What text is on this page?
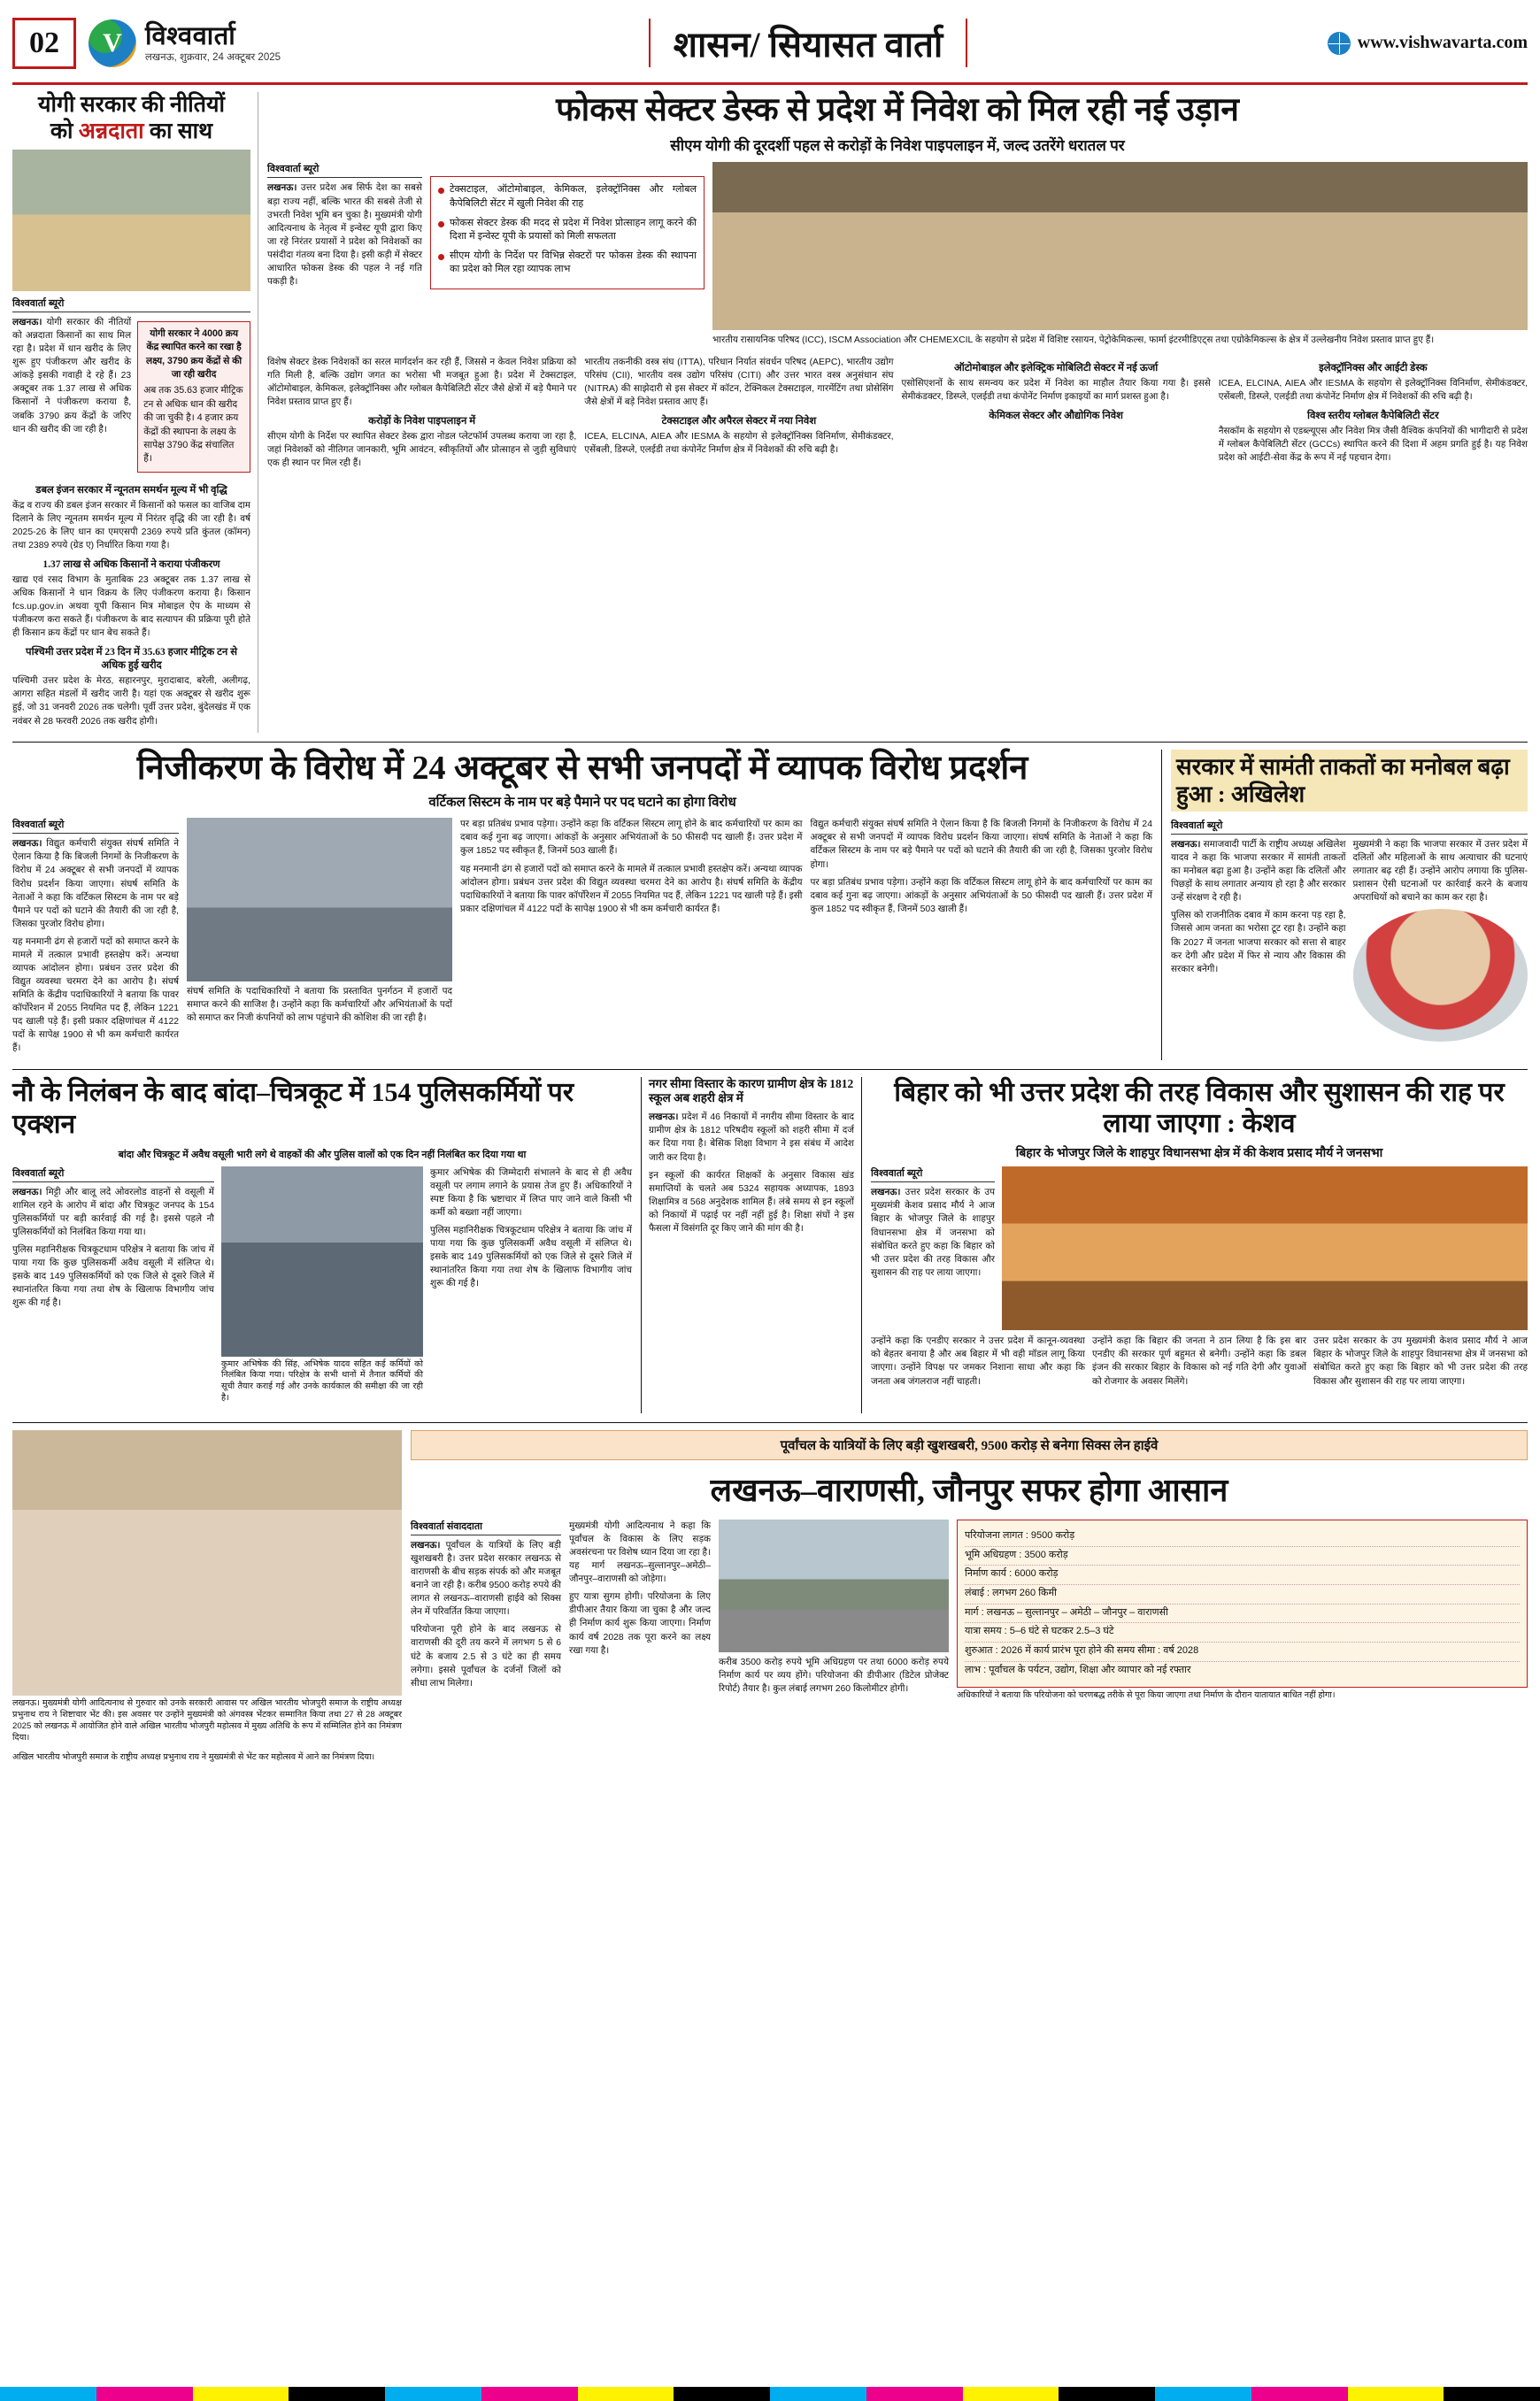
02 V	विश्ववार्ता
लखनऊ, शुक्रवार, 24 अक्टूबर 2025	शासन/ सियासत वार्ता	www.vishwavarta.com
योगी सरकार की नीतियों
को अन्नदाता का साथ
विश्ववार्ता ब्यूरो

लखनऊ। योगी सरकार की नीतियों को अन्नदाता किसानों का साथ मिल रहा है। प्रदेश में धान खरीद के लिए शुरू हुए पंजीकरण और खरीद के आंकड़े इसकी गवाही दे रहे हैं। 23 अक्टूबर तक 1.37 लाख से अधिक किसानों ने पंजीकरण कराया है, जबकि 3790 क्रय केंद्रों के जरिए धान की खरीद की जा रही है।

योगी सरकार ने 4000 क्रय केंद्र स्थापित करने का रखा है लक्ष्य, 3790 क्रय केंद्रों से की जा रही खरीद
अब तक 35.63 हजार मीट्रिक टन से अधिक धान की खरीद की जा चुकी है। 4 हजार क्रय केंद्रों की स्थापना के लक्ष्य के सापेक्ष 3790 केंद्र संचालित हैं।
डबल इंजन सरकार में न्यूनतम समर्थन मूल्य में भी वृद्धि

केंद्र व राज्य की डबल इंजन सरकार में किसानों को फसल का वाजिब दाम दिलाने के लिए न्यूनतम समर्थन मूल्य में निरंतर वृद्धि की जा रही है। वर्ष 2025-26 के लिए धान का एमएसपी 2369 रुपये प्रति कुंतल (कॉमन) तथा 2389 रुपये (ग्रेड ए) निर्धारित किया गया है।

1.37 लाख से अधिक किसानों ने कराया पंजीकरण

खाद्य एवं रसद विभाग के मुताबिक 23 अक्टूबर तक 1.37 लाख से अधिक किसानों ने धान विक्रय के लिए पंजीकरण कराया है। किसान fcs.up.gov.in अथवा यूपी किसान मित्र मोबाइल ऐप के माध्यम से पंजीकरण करा सकते हैं। पंजीकरण के बाद सत्यापन की प्रक्रिया पूरी होते ही किसान क्रय केंद्रों पर धान बेच सकते हैं।

पश्चिमी उत्तर प्रदेश में 23 दिन में 35.63 हजार मीट्रिक टन से अधिक हुई खरीद

पश्चिमी उत्तर प्रदेश के मेरठ, सहारनपुर, मुरादाबाद, बरेली, अलीगढ़, आगरा सहित मंडलों में खरीद जारी है। यहां एक अक्टूबर से खरीद शुरू हुई, जो 31 जनवरी 2026 तक चलेगी। पूर्वी उत्तर प्रदेश, बुंदेलखंड में एक नवंबर से 28 फरवरी 2026 तक खरीद होगी।

फोकस सेक्टर डेस्क से प्रदेश में निवेश को मिल रही नई उड़ान
सीएम योगी की दूरदर्शी पहल से करोड़ों के निवेश पाइपलाइन में, जल्द उतरेंगे धरातल पर
विश्ववार्ता ब्यूरो

लखनऊ। उत्तर प्रदेश अब सिर्फ देश का सबसे बड़ा राज्य नहीं, बल्कि भारत की सबसे तेजी से उभरती निवेश भूमि बन चुका है। मुख्यमंत्री योगी आदित्यनाथ के नेतृत्व में इन्वेस्ट यूपी द्वारा किए जा रहे निरंतर प्रयासों ने प्रदेश को निवेशकों का पसंदीदा गंतव्य बना दिया है। इसी कड़ी में सेक्टर आधारित फोकस डेस्क की पहल ने नई गति पकड़ी है।

टेक्सटाइल, ऑटोमोबाइल, केमिकल, इलेक्ट्रॉनिक्स और ग्लोबल कैपेबिलिटी सेंटर में खुली निवेश की राह
फोकस सेक्टर डेस्क की मदद से प्रदेश में निवेश प्रोत्साहन लागू करने की दिशा में इन्वेस्ट यूपी के प्रयासों को मिली सफलता
सीएम योगी के निर्देश पर विभिन्न सेक्टरों पर फोकस डेस्क की स्थापना का प्रदेश को मिल रहा व्यापक लाभ

भारतीय रासायनिक परिषद (ICC), ISCM Association और CHEMEXCIL के सहयोग से प्रदेश में विशिष्ट रसायन, पेट्रोकेमिकल्स, फार्मा इंटरमीडिएट्स तथा एग्रोकेमिकल्स के क्षेत्र में उल्लेखनीय निवेश प्रस्ताव प्राप्त हुए हैं।

विशेष सेक्टर डेस्क निवेशकों का सरल मार्गदर्शन कर रही हैं, जिससे न केवल निवेश प्रक्रिया को गति मिली है, बल्कि उद्योग जगत का भरोसा भी मजबूत हुआ है। प्रदेश में टेक्सटाइल, ऑटोमोबाइल, केमिकल, इलेक्ट्रॉनिक्स और ग्लोबल कैपेबिलिटी सेंटर जैसे क्षेत्रों में बड़े पैमाने पर निवेश प्रस्ताव प्राप्त हुए हैं।

करोड़ों के निवेश पाइपलाइन में

सीएम योगी के निर्देश पर स्थापित सेक्टर डेस्क द्वारा नोडल प्लेटफॉर्म उपलब्ध कराया जा रहा है, जहां निवेशकों को नीतिगत जानकारी, भूमि आवंटन, स्वीकृतियों और प्रोत्साहन से जुड़ी सुविधाएं एक ही स्थान पर मिल रही हैं।

भारतीय तकनीकी वस्त्र संघ (ITTA), परिधान निर्यात संवर्धन परिषद (AEPC), भारतीय उद्योग परिसंघ (CII), भारतीय वस्त्र उद्योग परिसंघ (CITI) और उत्तर भारत वस्त्र अनुसंधान संघ (NITRA) की साझेदारी से इस सेक्टर में कॉटन, टेक्निकल टेक्सटाइल, गारमेंटिंग तथा प्रोसेसिंग जैसे क्षेत्रों में बड़े निवेश प्रस्ताव आए हैं।

टेक्सटाइल और अपैरल सेक्टर में नया निवेश

ICEA, ELCINA, AIEA और IESMA के सहयोग से इलेक्ट्रॉनिक्स विनिर्माण, सेमीकंडक्टर, एसेंबली, डिस्प्ले, एलईडी तथा कंपोनेंट निर्माण क्षेत्र में निवेशकों की रुचि बढ़ी है।

ऑटोमोबाइल और इलेक्ट्रिक मोबिलिटी सेक्टर में नई ऊर्जा

एसोसिएशनों के साथ समन्वय कर प्रदेश में निवेश का माहौल तैयार किया गया है। इससे सेमीकंडक्टर, डिस्प्ले, एलईडी तथा कंपोनेंट निर्माण इकाइयों का मार्ग प्रशस्त हुआ है।

केमिकल सेक्टर और औद्योगिक निवेश
इलेक्ट्रॉनिक्स और आईटी डेस्क

ICEA, ELCINA, AIEA और IESMA के सहयोग से इलेक्ट्रॉनिक्स विनिर्माण, सेमीकंडक्टर, एसेंबली, डिस्प्ले, एलईडी तथा कंपोनेंट निर्माण क्षेत्र में निवेशकों की रुचि बढ़ी है।

विश्व स्तरीय ग्लोबल कैपेबिलिटी सेंटर

नैसकॉम के सहयोग से एडब्ल्यूएस और निवेश मित्र जैसी वैश्विक कंपनियों की भागीदारी से प्रदेश में ग्लोबल कैपेबिलिटी सेंटर (GCCs) स्थापित करने की दिशा में अहम प्रगति हुई है। यह निवेश प्रदेश को आईटी-सेवा केंद्र के रूप में नई पहचान देगा।

निजीकरण के विरोध में 24 अक्टूबर से सभी जनपदों में व्यापक विरोध प्रदर्शन
वर्टिकल सिस्टम के नाम पर बड़े पैमाने पर पद घटाने का होगा विरोध
विश्ववार्ता ब्यूरो

लखनऊ। विद्युत कर्मचारी संयुक्त संघर्ष समिति ने ऐलान किया है कि बिजली निगमों के निजीकरण के विरोध में 24 अक्टूबर से सभी जनपदों में व्यापक विरोध प्रदर्शन किया जाएगा। संघर्ष समिति के नेताओं ने कहा कि वर्टिकल सिस्टम के नाम पर बड़े पैमाने पर पदों को घटाने की तैयारी की जा रही है, जिसका पुरजोर विरोध होगा।

यह मनमानी ढंग से हजारों पदों को समाप्त करने के मामले में तत्काल प्रभावी हस्तक्षेप करें। अन्यथा व्यापक आंदोलन होगा। प्रबंधन उत्तर प्रदेश की विद्युत व्यवस्था चरमरा देने का आरोप है। संघर्ष समिति के केंद्रीय पदाधिकारियों ने बताया कि पावर कॉर्पोरेशन में 2055 नियमित पद हैं, लेकिन 1221 पद खाली पड़े हैं। इसी प्रकार दक्षिणांचल में 4122 पदों के सापेक्ष 1900 से भी कम कर्मचारी कार्यरत हैं।

संघर्ष समिति के पदाधिकारियों ने बताया कि प्रस्तावित पुनर्गठन में हजारों पद समाप्त करने की साजिश है। उन्होंने कहा कि कर्मचारियों और अभियंताओं के पदों को समाप्त कर निजी कंपनियों को लाभ पहुंचाने की कोशिश की जा रही है।

पर बड़ा प्रतिबंध प्रभाव पड़ेगा। उन्होंने कहा कि वर्टिकल सिस्टम लागू होने के बाद कर्मचारियों पर काम का दबाव कई गुना बढ़ जाएगा। आंकड़ों के अनुसार अभियंताओं के 50 फीसदी पद खाली हैं। उत्तर प्रदेश में कुल 1852 पद स्वीकृत हैं, जिनमें 503 खाली हैं।

यह मनमानी ढंग से हजारों पदों को समाप्त करने के मामले में तत्काल प्रभावी हस्तक्षेप करें। अन्यथा व्यापक आंदोलन होगा। प्रबंधन उत्तर प्रदेश की विद्युत व्यवस्था चरमरा देने का आरोप है। संघर्ष समिति के केंद्रीय पदाधिकारियों ने बताया कि पावर कॉर्पोरेशन में 2055 नियमित पद हैं, लेकिन 1221 पद खाली पड़े हैं। इसी प्रकार दक्षिणांचल में 4122 पदों के सापेक्ष 1900 से भी कम कर्मचारी कार्यरत हैं।

विद्युत कर्मचारी संयुक्त संघर्ष समिति ने ऐलान किया है कि बिजली निगमों के निजीकरण के विरोध में 24 अक्टूबर से सभी जनपदों में व्यापक विरोध प्रदर्शन किया जाएगा। संघर्ष समिति के नेताओं ने कहा कि वर्टिकल सिस्टम के नाम पर बड़े पैमाने पर पदों को घटाने की तैयारी की जा रही है, जिसका पुरजोर विरोध होगा।

पर बड़ा प्रतिबंध प्रभाव पड़ेगा। उन्होंने कहा कि वर्टिकल सिस्टम लागू होने के बाद कर्मचारियों पर काम का दबाव कई गुना बढ़ जाएगा। आंकड़ों के अनुसार अभियंताओं के 50 फीसदी पद खाली हैं। उत्तर प्रदेश में कुल 1852 पद स्वीकृत हैं, जिनमें 503 खाली हैं।

सरकार में सामंती ताकतों का मनोबल बढ़ा हुआ : अखिलेश
विश्ववार्ता ब्यूरो

लखनऊ। समाजवादी पार्टी के राष्ट्रीय अध्यक्ष अखिलेश यादव ने कहा कि भाजपा सरकार में सामंती ताकतों का मनोबल बढ़ा हुआ है। उन्होंने कहा कि दलितों और पिछड़ों के साथ लगातार अन्याय हो रहा है और सरकार उन्हें संरक्षण दे रही है।

पुलिस को राजनीतिक दबाव में काम करना पड़ रहा है, जिससे आम जनता का भरोसा टूट रहा है। उन्होंने कहा कि 2027 में जनता भाजपा सरकार को सत्ता से बाहर कर देगी और प्रदेश में फिर से न्याय और विकास की सरकार बनेगी।

मुख्यमंत्री ने कहा कि भाजपा सरकार में उत्तर प्रदेश में दलितों और महिलाओं के साथ अत्याचार की घटनाएं लगातार बढ़ रही हैं। उन्होंने आरोप लगाया कि पुलिस-प्रशासन ऐसी घटनाओं पर कार्रवाई करने के बजाय अपराधियों को बचाने का काम कर रहा है।

नौ के निलंबन के बाद बांदा–चित्रकूट में 154 पुलिसकर्मियों पर एक्शन
बांदा और चित्रकूट में अवैध वसूली भारी लगे थे वाहकों की और पुलिस वालों को एक दिन नहीं निलंबित कर दिया गया था
विश्ववार्ता ब्यूरो

लखनऊ। मिट्टी और बालू लदे ओवरलोड वाहनों से वसूली में शामिल रहने के आरोप में बांदा और चित्रकूट जनपद के 154 पुलिसकर्मियों पर बड़ी कार्रवाई की गई है। इससे पहले नौ पुलिसकर्मियों को निलंबित किया गया था।

पुलिस महानिरीक्षक चित्रकूटधाम परिक्षेत्र ने बताया कि जांच में पाया गया कि कुछ पुलिसकर्मी अवैध वसूली में संलिप्त थे। इसके बाद 149 पुलिसकर्मियों को एक जिले से दूसरे जिले में स्थानांतरित किया गया तथा शेष के खिलाफ विभागीय जांच शुरू की गई है।

कुमार अभिषेक की सिंह, अभिषेक यादव सहित कई कर्मियों को निलंबित किया गया। परिक्षेत्र के सभी थानों में तैनात कर्मियों की सूची तैयार कराई गई और उनके कार्यकाल की समीक्षा की जा रही है।

कुमार अभिषेक की जिम्मेदारी संभालने के बाद से ही अवैध वसूली पर लगाम लगाने के प्रयास तेज हुए हैं। अधिकारियों ने स्पष्ट किया है कि भ्रष्टाचार में लिप्त पाए जाने वाले किसी भी कर्मी को बख्शा नहीं जाएगा।

पुलिस महानिरीक्षक चित्रकूटधाम परिक्षेत्र ने बताया कि जांच में पाया गया कि कुछ पुलिसकर्मी अवैध वसूली में संलिप्त थे। इसके बाद 149 पुलिसकर्मियों को एक जिले से दूसरे जिले में स्थानांतरित किया गया तथा शेष के खिलाफ विभागीय जांच शुरू की गई है।

नगर सीमा विस्तार के कारण ग्रामीण क्षेत्र के 1812 स्कूल अब शहरी क्षेत्र में

लखनऊ। प्रदेश में 46 निकायों में नगरीय सीमा विस्तार के बाद ग्रामीण क्षेत्र के 1812 परिषदीय स्कूलों को शहरी सीमा में दर्ज कर दिया गया है। बेसिक शिक्षा विभाग ने इस संबंध में आदेश जारी कर दिया है।

इन स्कूलों की कार्यरत शिक्षकों के अनुसार विकास खंड समाप्तियों के चलते अब 5324 सहायक अध्यापक, 1893 शिक्षामित्र व 568 अनुदेशक शामिल हैं। लंबे समय से इन स्कूलों को निकायों में पढ़ाई पर नहीं नहीं हुई है। शिक्षा संघों ने इस फैसला में विसंगति दूर किए जाने की मांग की है।

बिहार को भी उत्तर प्रदेश की तरह विकास और सुशासन की राह पर लाया जाएगा : केशव
बिहार के भोजपुर जिले के शाहपुर विधानसभा क्षेत्र में की केशव प्रसाद मौर्य ने जनसभा
विश्ववार्ता ब्यूरो

लखनऊ। उत्तर प्रदेश सरकार के उप मुख्यमंत्री केशव प्रसाद मौर्य ने आज बिहार के भोजपुर जिले के शाहपुर विधानसभा क्षेत्र में जनसभा को संबोधित करते हुए कहा कि बिहार को भी उत्तर प्रदेश की तरह विकास और सुशासन की राह पर लाया जाएगा।

उन्होंने कहा कि एनडीए सरकार ने उत्तर प्रदेश में कानून-व्यवस्था को बेहतर बनाया है और अब बिहार में भी वही मॉडल लागू किया जाएगा। उन्होंने विपक्ष पर जमकर निशाना साधा और कहा कि जनता अब जंगलराज नहीं चाहती।

उन्होंने कहा कि बिहार की जनता ने ठान लिया है कि इस बार एनडीए की सरकार पूर्ण बहुमत से बनेगी। उन्होंने कहा कि डबल इंजन की सरकार बिहार के विकास को नई गति देगी और युवाओं को रोजगार के अवसर मिलेंगे।

उत्तर प्रदेश सरकार के उप मुख्यमंत्री केशव प्रसाद मौर्य ने आज बिहार के भोजपुर जिले के शाहपुर विधानसभा क्षेत्र में जनसभा को संबोधित करते हुए कहा कि बिहार को भी उत्तर प्रदेश की तरह विकास और सुशासन की राह पर लाया जाएगा।

लखनऊ। मुख्यमंत्री योगी आदित्यनाथ से गुरुवार को उनके सरकारी आवास पर अखिल भारतीय भोजपुरी समाज के राष्ट्रीय अध्यक्ष प्रभुनाथ राय ने शिष्टाचार भेंट की। इस अवसर पर उन्होंने मुख्यमंत्री को अंगवस्त्र भेंटकर सम्मानित किया तथा 27 से 28 अक्टूबर 2025 को लखनऊ में आयोजित होने वाले अखिल भारतीय भोजपुरी महोत्सव में मुख्य अतिथि के रूप में सम्मिलित होने का निमंत्रण दिया।

अखिल भारतीय भोजपुरी समाज के राष्ट्रीय अध्यक्ष प्रभुनाथ राय ने मुख्यमंत्री से भेंट कर महोत्सव में आने का निमंत्रण दिया।

पूर्वांचल के यात्रियों के लिए बड़ी खुशखबरी, 9500 करोड़ से बनेगा सिक्स लेन हाईवे
लखनऊ–वाराणसी, जौनपुर सफर होगा आसान
विश्ववार्ता संवाददाता

लखनऊ। पूर्वांचल के यात्रियों के लिए बड़ी खुशखबरी है। उत्तर प्रदेश सरकार लखनऊ से वाराणसी के बीच सड़क संपर्क को और मजबूत बनाने जा रही है। करीब 9500 करोड़ रुपये की लागत से लखनऊ–वाराणसी हाईवे को सिक्स लेन में परिवर्तित किया जाएगा।

परियोजना पूरी होने के बाद लखनऊ से वाराणसी की दूरी तय करने में लगभग 5 से 6 घंटे के बजाय 2.5 से 3 घंटे का ही समय लगेगा। इससे पूर्वांचल के दर्जनों जिलों को सीधा लाभ मिलेगा।

मुख्यमंत्री योगी आदित्यनाथ ने कहा कि पूर्वांचल के विकास के लिए सड़क अवसंरचना पर विशेष ध्यान दिया जा रहा है। यह मार्ग लखनऊ–सुल्तानपुर–अमेठी–जौनपुर–वाराणसी को जोड़ेगा।

हुए यात्रा सुगम होगी। परियोजना के लिए डीपीआर तैयार किया जा चुका है और जल्द ही निर्माण कार्य शुरू किया जाएगा। निर्माण कार्य वर्ष 2028 तक पूरा करने का लक्ष्य रखा गया है।

करीब 3500 करोड़ रुपये भूमि अधिग्रहण पर तथा 6000 करोड़ रुपये निर्माण कार्य पर व्यय होंगे। परियोजना की डीपीआर (डिटेल प्रोजेक्ट रिपोर्ट) तैयार है। कुल लंबाई लगभग 260 किलोमीटर होगी।

परियोजना लागत : 9500 करोड़
भूमि अधिग्रहण : 3500 करोड़
निर्माण कार्य : 6000 करोड़
लंबाई : लगभग 260 किमी
मार्ग : लखनऊ – सुल्तानपुर – अमेठी – जौनपुर – वाराणसी
यात्रा समय : 5–6 घंटे से घटकर 2.5–3 घंटे
शुरुआत : 2026 में कार्य प्रारंभ पूरा होने की समय सीमा : वर्ष 2028
लाभ : पूर्वांचल के पर्यटन, उद्योग, शिक्षा और व्यापार को नई रफ्तार

अधिकारियों ने बताया कि परियोजना को चरणबद्ध तरीके से पूरा किया जाएगा तथा निर्माण के दौरान यातायात बाधित नहीं होगा।
